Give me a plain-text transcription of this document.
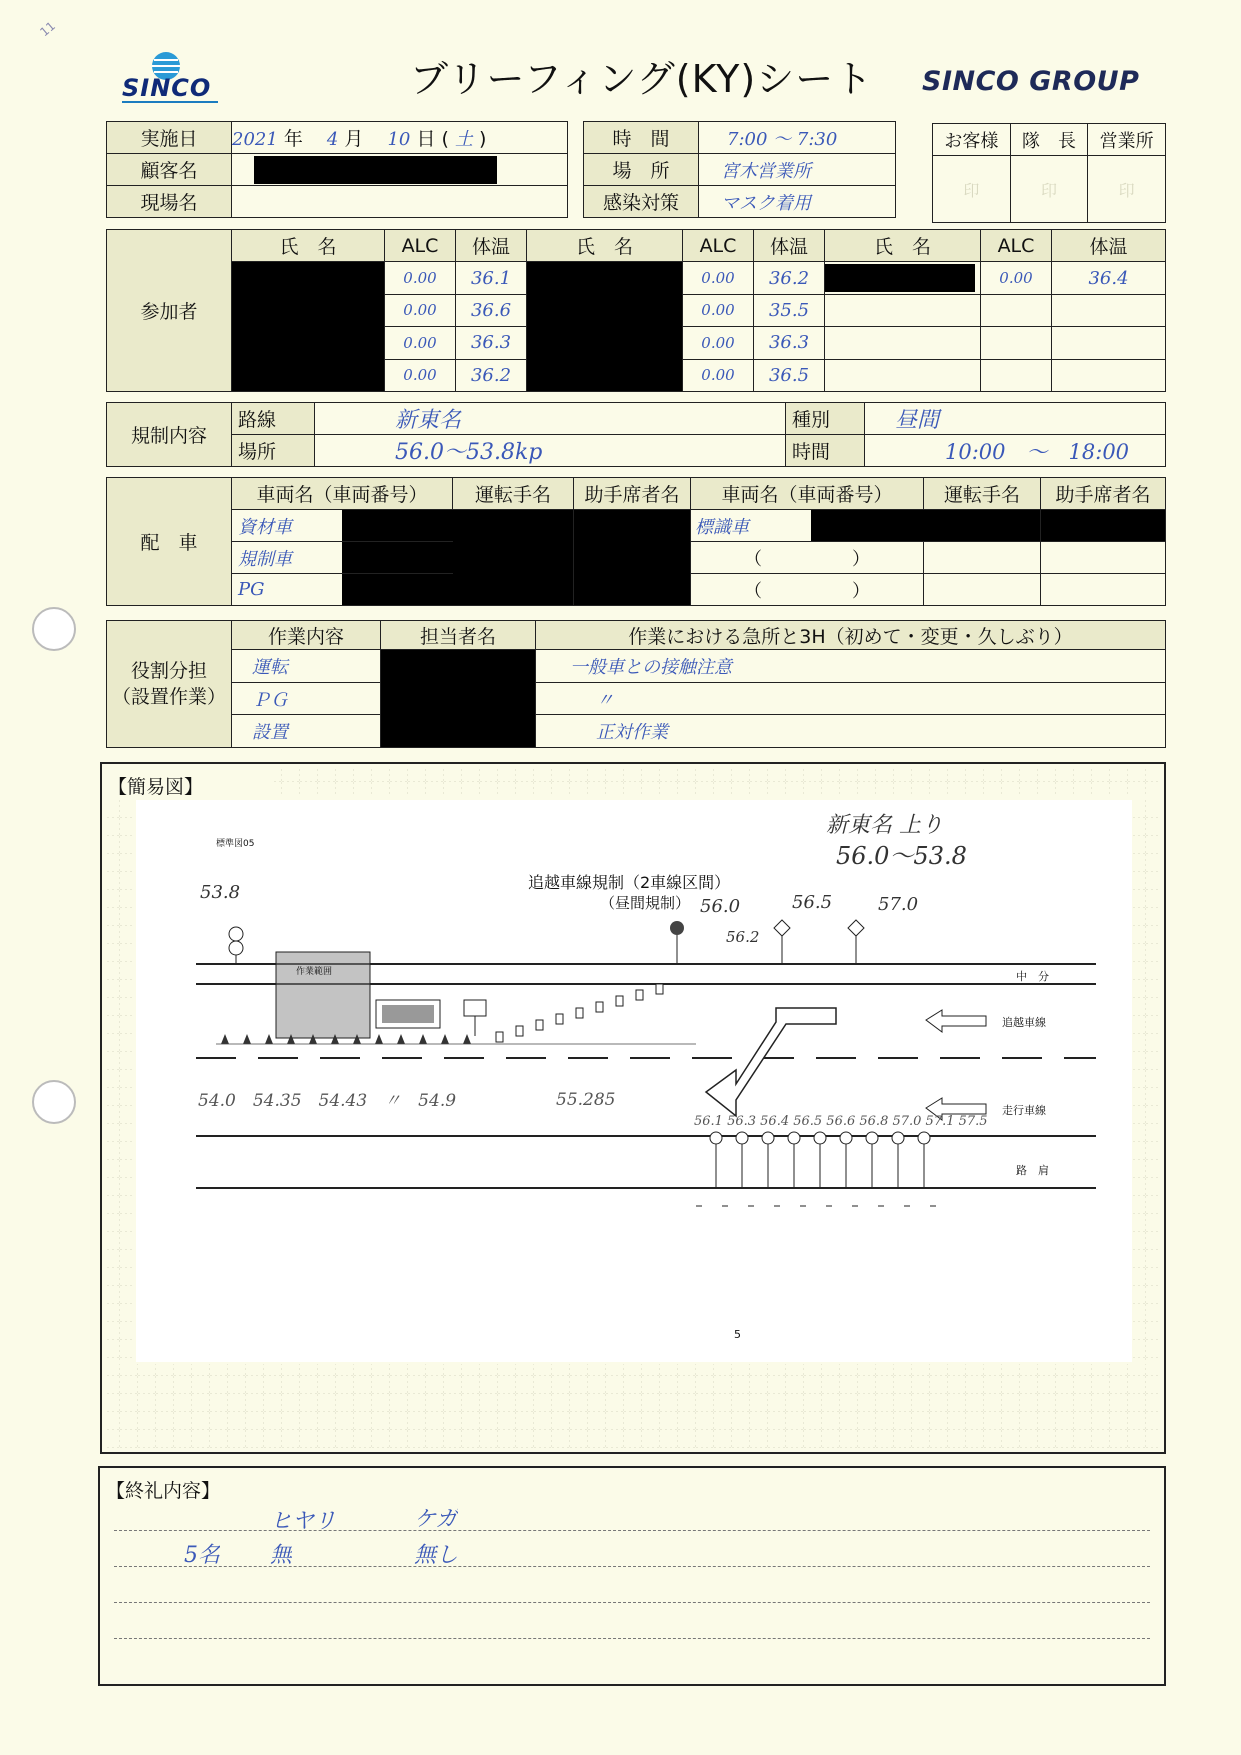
11
SINCO	ブリーフィング(KY)シート SINCO GROUP
実施日	2021 年 4 月 10 日 ( 土 )		時　間	7:00 ～ 7:30
顧客名			場　所	宮木営業所
現場名			感染対策	マスク着用
お客様	隊　長	営業所
印	印	印
参加者	氏　名	ALC	体温	氏　名	ALC	体温	氏　名	ALC	体温
		0.00	36.1		0.00	36.2		0.00	36.4
		0.00	36.6		0.00	35.5			
		0.00	36.3		0.00	36.3			
		0.00	36.2		0.00	36.5			
規制内容	路線	新東名	種別	昼間
	場所	56.0～53.8kp	時間	10:00　～　18:00
配　車	車両名（車両番号）	運転手名	助手席者名	車両名（車両番号）	運転手名	助手席者名
	資材車			標識車

	規制車			（　　　　　）		
	PG			（　　　　　）		
役割分担
（設置作業）	作業内容	担当者名	作業における急所と3H（初めて・変更・久しぶり）
	運転		一般車との接触注意
	ＰＧ		〃
	設置		正対作業
【簡易図】
新東名 上り
56.0～53.8
標準図05
追越車線規制（2車線区間）
（昼間規制）
53.8
56.0	56.5	57.0
56.2
中　分
追越車線
走行車線
路　肩
作業範囲
54.0　54.35　54.43　〃　54.9	55.285
56.1 56.3 56.4 56.5 56.6 56.8 57.0 57.1 57.5
5
【終礼内容】
ヒヤリ	ケガ
5名 無	無し
